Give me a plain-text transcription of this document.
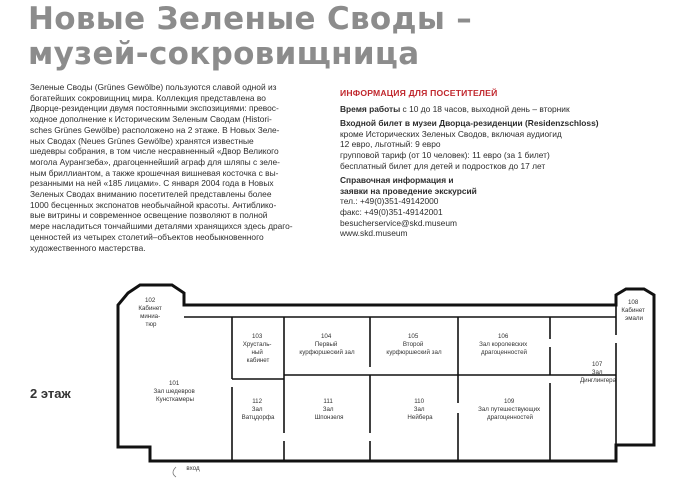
Новые Зеленые Своды –
музей-сокровищница
Зеленые Своды (Grünes Gewölbe) пользуются славой одной из
богатейших сокровищниц мира. Коллекция представлена во
Дворце-резиденции двумя постоянными экспозициями: превос-
ходное дополнение к Историческим Зеленым Сводам (Histori-
sches Grünes Gewölbe) расположено на 2 этаже. В Новых Зеле-
ных Сводах (Neues Grünes Gewölbe) хранятся известные
шедевры собрания, в том числе несравненный «Двор Великого
могола Аурангзеба», драгоценнейший аграф для шляпы с зеле-
ным бриллиантом, а также крошечная вишневая косточка с вы-
резанными на ней «185 лицами». С января 2004 года в Новых
Зеленых Сводах вниманию посетителей представлены более
1000 бесценных экспонатов необычайной красоты. Антиблико-
вые витрины и современное освещение позволяют в полной
мере насладиться тончайшими деталями хранящихся здесь драго-
ценностей из четырех столетий–объектов необыкновенного
художественного мастерства.
ИНФОРМАЦИЯ ДЛЯ ПОСЕТИТЕЛЕЙ
Время работы с 10 до 18 часов, выходной день – вторник
Входной билет в музеи Дворца-резиденции (Residenzschloss)
кроме Исторических Зеленых Сводов, включая аудиогид
12 евро, льготный: 9 евро
групповой тариф (от 10 человек): 11 евро (за 1 билет)
бесплатный билет для детей и подростков до 17 лет
Справочная информация и
заявки на проведение экскурсий
тел.: +49(0)351-49142000
факс: +49(0)351-49142001
besucherservice@skd.museum
www.skd.museum
2 этаж
102 Кабинет миниа- тюр
101 Зал шедевров Кунсткамеры
103 Хрусталь- ный кабинет
104 Первый курфюршеский зал
105 Второй курфюршеский зал
106 Зал королевских драгоценностей
107 Зал Динглингера
108 Кабинет эмали
109 Зал путешествующих драгоценностей
110 Зал Нейбера
111 Зал Шпонзеля
112 Зал Ватцдорфа
вход
